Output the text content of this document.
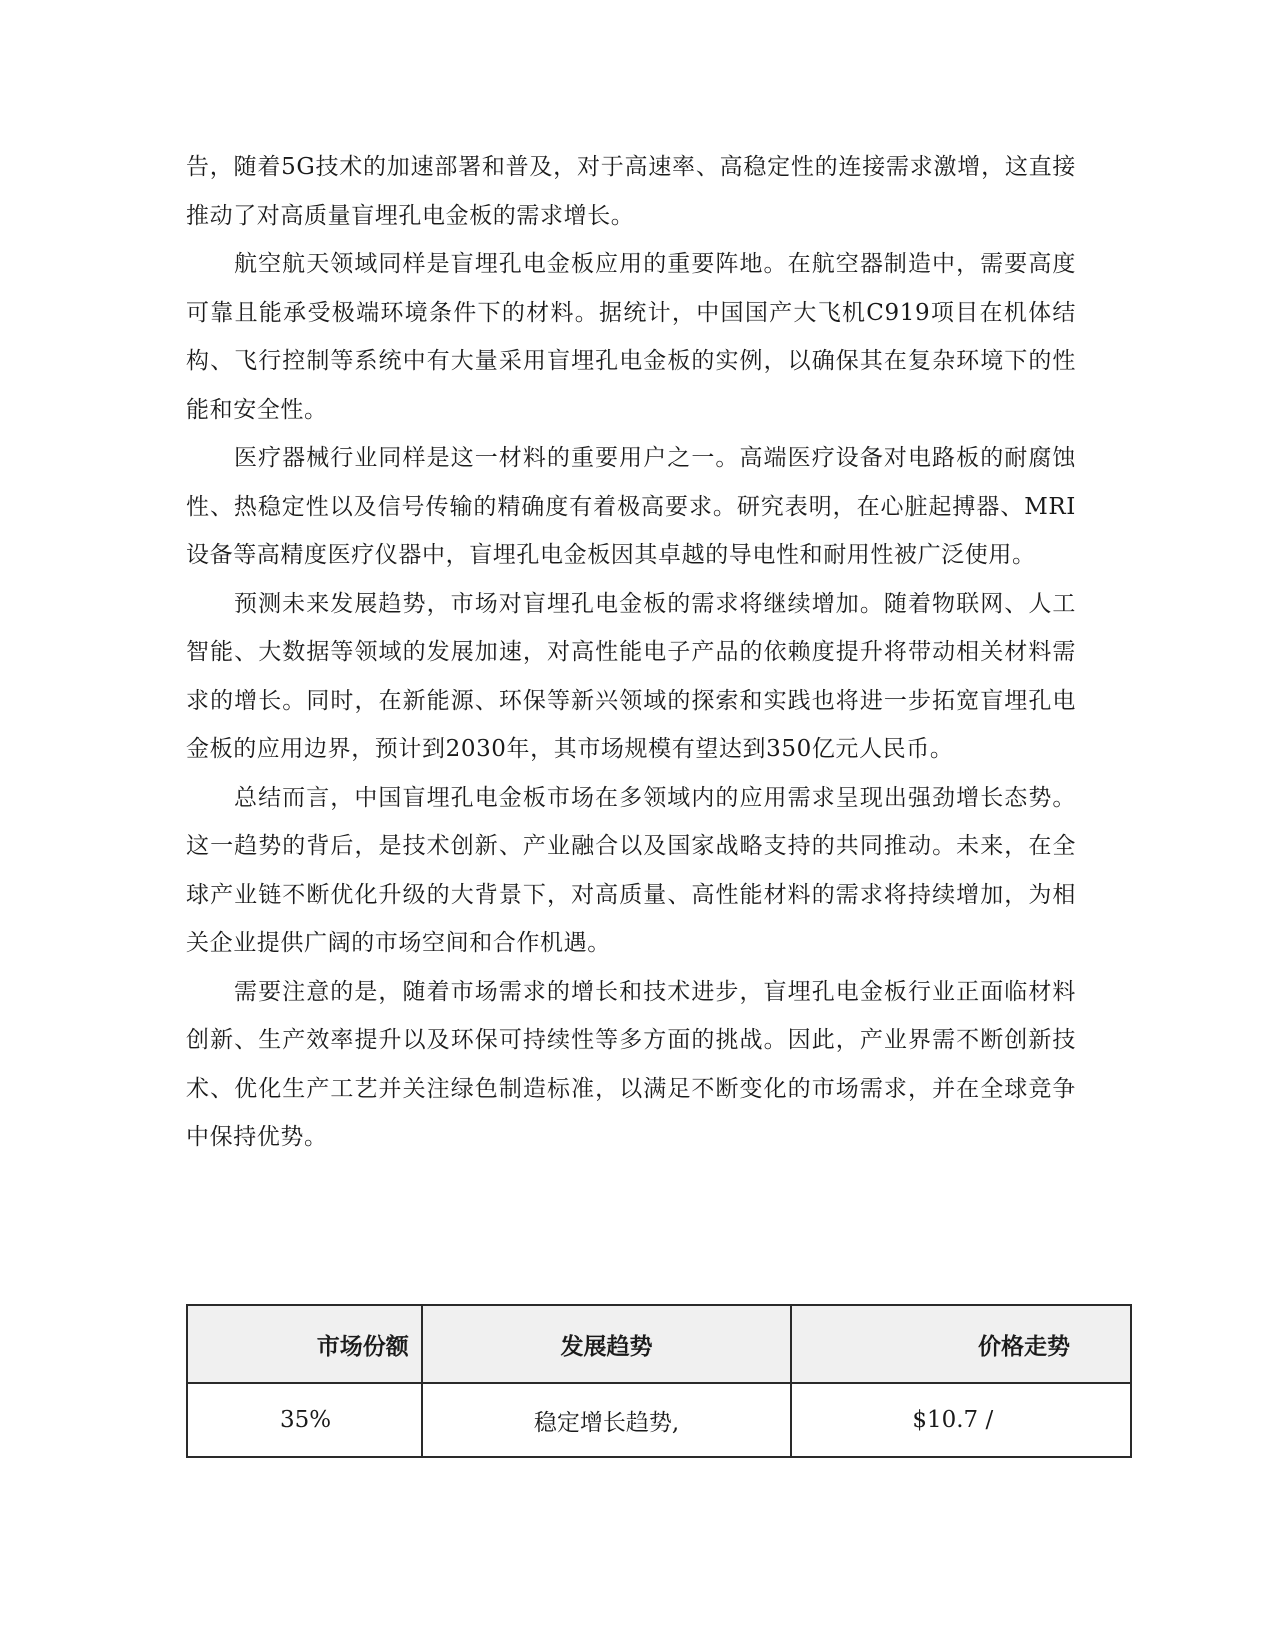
告，随着5G技术的加速部署和普及，对于高速率、高稳定性的连接需求激增，这直接推动了对高质量盲埋孔电金板的需求增长。

航空航天领域同样是盲埋孔电金板应用的重要阵地。在航空器制造中，需要高度可靠且能承受极端环境条件下的材料。据统计，中国国产大飞机C919项目在机体结构、飞行控制等系统中有大量采用盲埋孔电金板的实例，以确保其在复杂环境下的性能和安全性。

医疗器械行业同样是这一材料的重要用户之一。高端医疗设备对电路板的耐腐蚀性、热稳定性以及信号传输的精确度有着极高要求。研究表明，在心脏起搏器、MRI设备等高精度医疗仪器中，盲埋孔电金板因其卓越的导电性和耐用性被广泛使用。

预测未来发展趋势，市场对盲埋孔电金板的需求将继续增加。随着物联网、人工智能、大数据等领域的发展加速，对高性能电子产品的依赖度提升将带动相关材料需求的增长。同时，在新能源、环保等新兴领域的探索和实践也将进一步拓宽盲埋孔电金板的应用边界，预计到2030年，其市场规模有望达到350亿元人民币。

总结而言，中国盲埋孔电金板市场在多领域内的应用需求呈现出强劲增长态势。这一趋势的背后，是技术创新、产业融合以及国家战略支持的共同推动。未来，在全球产业链不断优化升级的大背景下，对高质量、高性能材料的需求将持续增加，为相关企业提供广阔的市场空间和合作机遇。

需要注意的是，随着市场需求的增长和技术进步，盲埋孔电金板行业正面临材料创新、生产效率提升以及环保可持续性等多方面的挑战。因此，产业界需不断创新技术、优化生产工艺并关注绿色制造标准，以满足不断变化的市场需求，并在全球竞争中保持优势。

市场份额	发展趋势	价格走势
35%	稳定增长趋势,	$10.7 /
